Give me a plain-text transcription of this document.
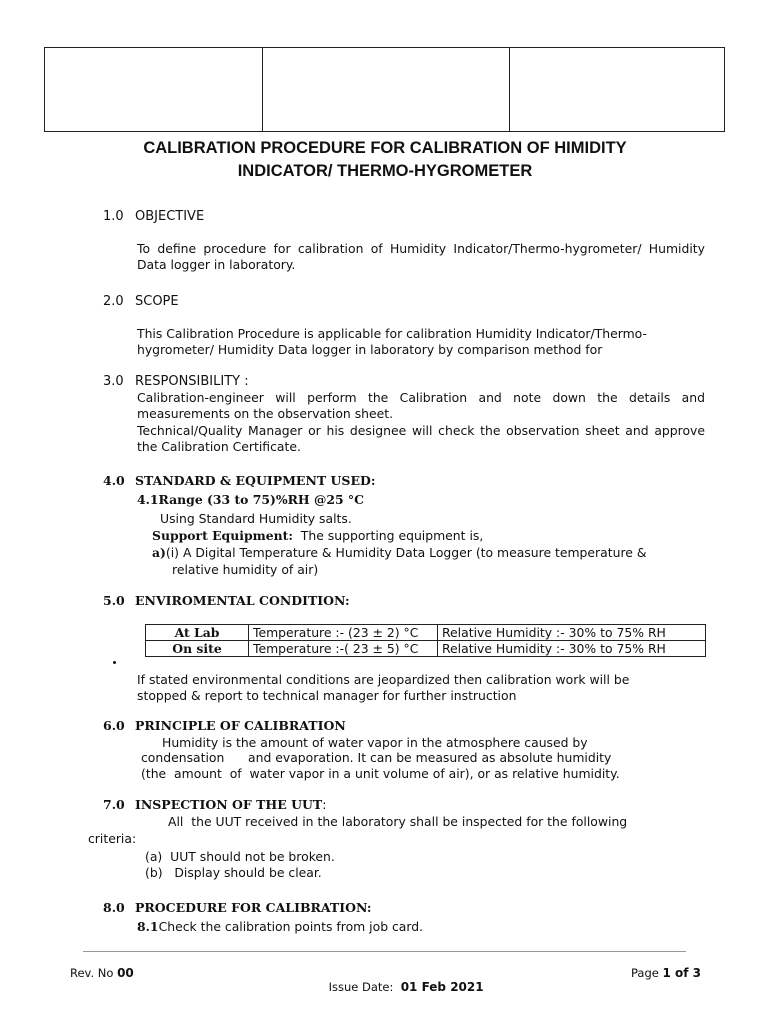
CALIBRATION PROCEDURE FOR CALIBRATION OF HIMIDITY
INDICATOR/ THERMO-HYGROMETER
1.0 OBJECTIVE
To define procedure for calibration of Humidity Indicator/Thermo-hygrometer/ Humidity Data logger in laboratory.
2.0 SCOPE
This Calibration Procedure is applicable for calibration Humidity Indicator/Thermo-
hygrometer/ Humidity Data logger in laboratory by comparison method for
3.0 RESPONSIBILITY :
Calibration-engineer will perform the Calibration and note down the details and measurements on the observation sheet.
Technical/Quality Manager or his designee will check the observation sheet and approve the Calibration Certificate.
4.0 STANDARD & EQUIPMENT USED:
4.1Range (33 to 75)%RH @25 °C
Using Standard Humidity salts.
Support Equipment: The supporting equipment is,
a)(i) A Digital Temperature & Humidity Data Logger (to measure temperature &
relative humidity of air)
5.0 ENVIROMENTAL CONDITION:
At Lab	Temperature :- (23 ± 2) °C	Relative Humidity :- 30% to 75% RH
On site	Temperature :-( 23 ± 5) °C	Relative Humidity :- 30% to 75% RH
If stated environmental conditions are jeopardized then calibration work will be
stopped & report to technical manager for further instruction
6.0 PRINCIPLE OF CALIBRATION
Humidity is the amount of water vapor in the atmosphere caused by
condensation      and evaporation. It can be measured as absolute humidity
(the  amount  of  water vapor in a unit volume of air), or as relative humidity.
7.0 INSPECTION OF THE UUT:
All  the UUT received in the laboratory shall be inspected for the following
criteria:
(a)  UUT should not be broken.
(b)   Display should be clear.
8.0 PROCEDURE FOR CALIBRATION:
8.1Check the calibration points from job card.
Rev. No 00

Issue Date:  01 Feb 2021

Page 1 of 3
